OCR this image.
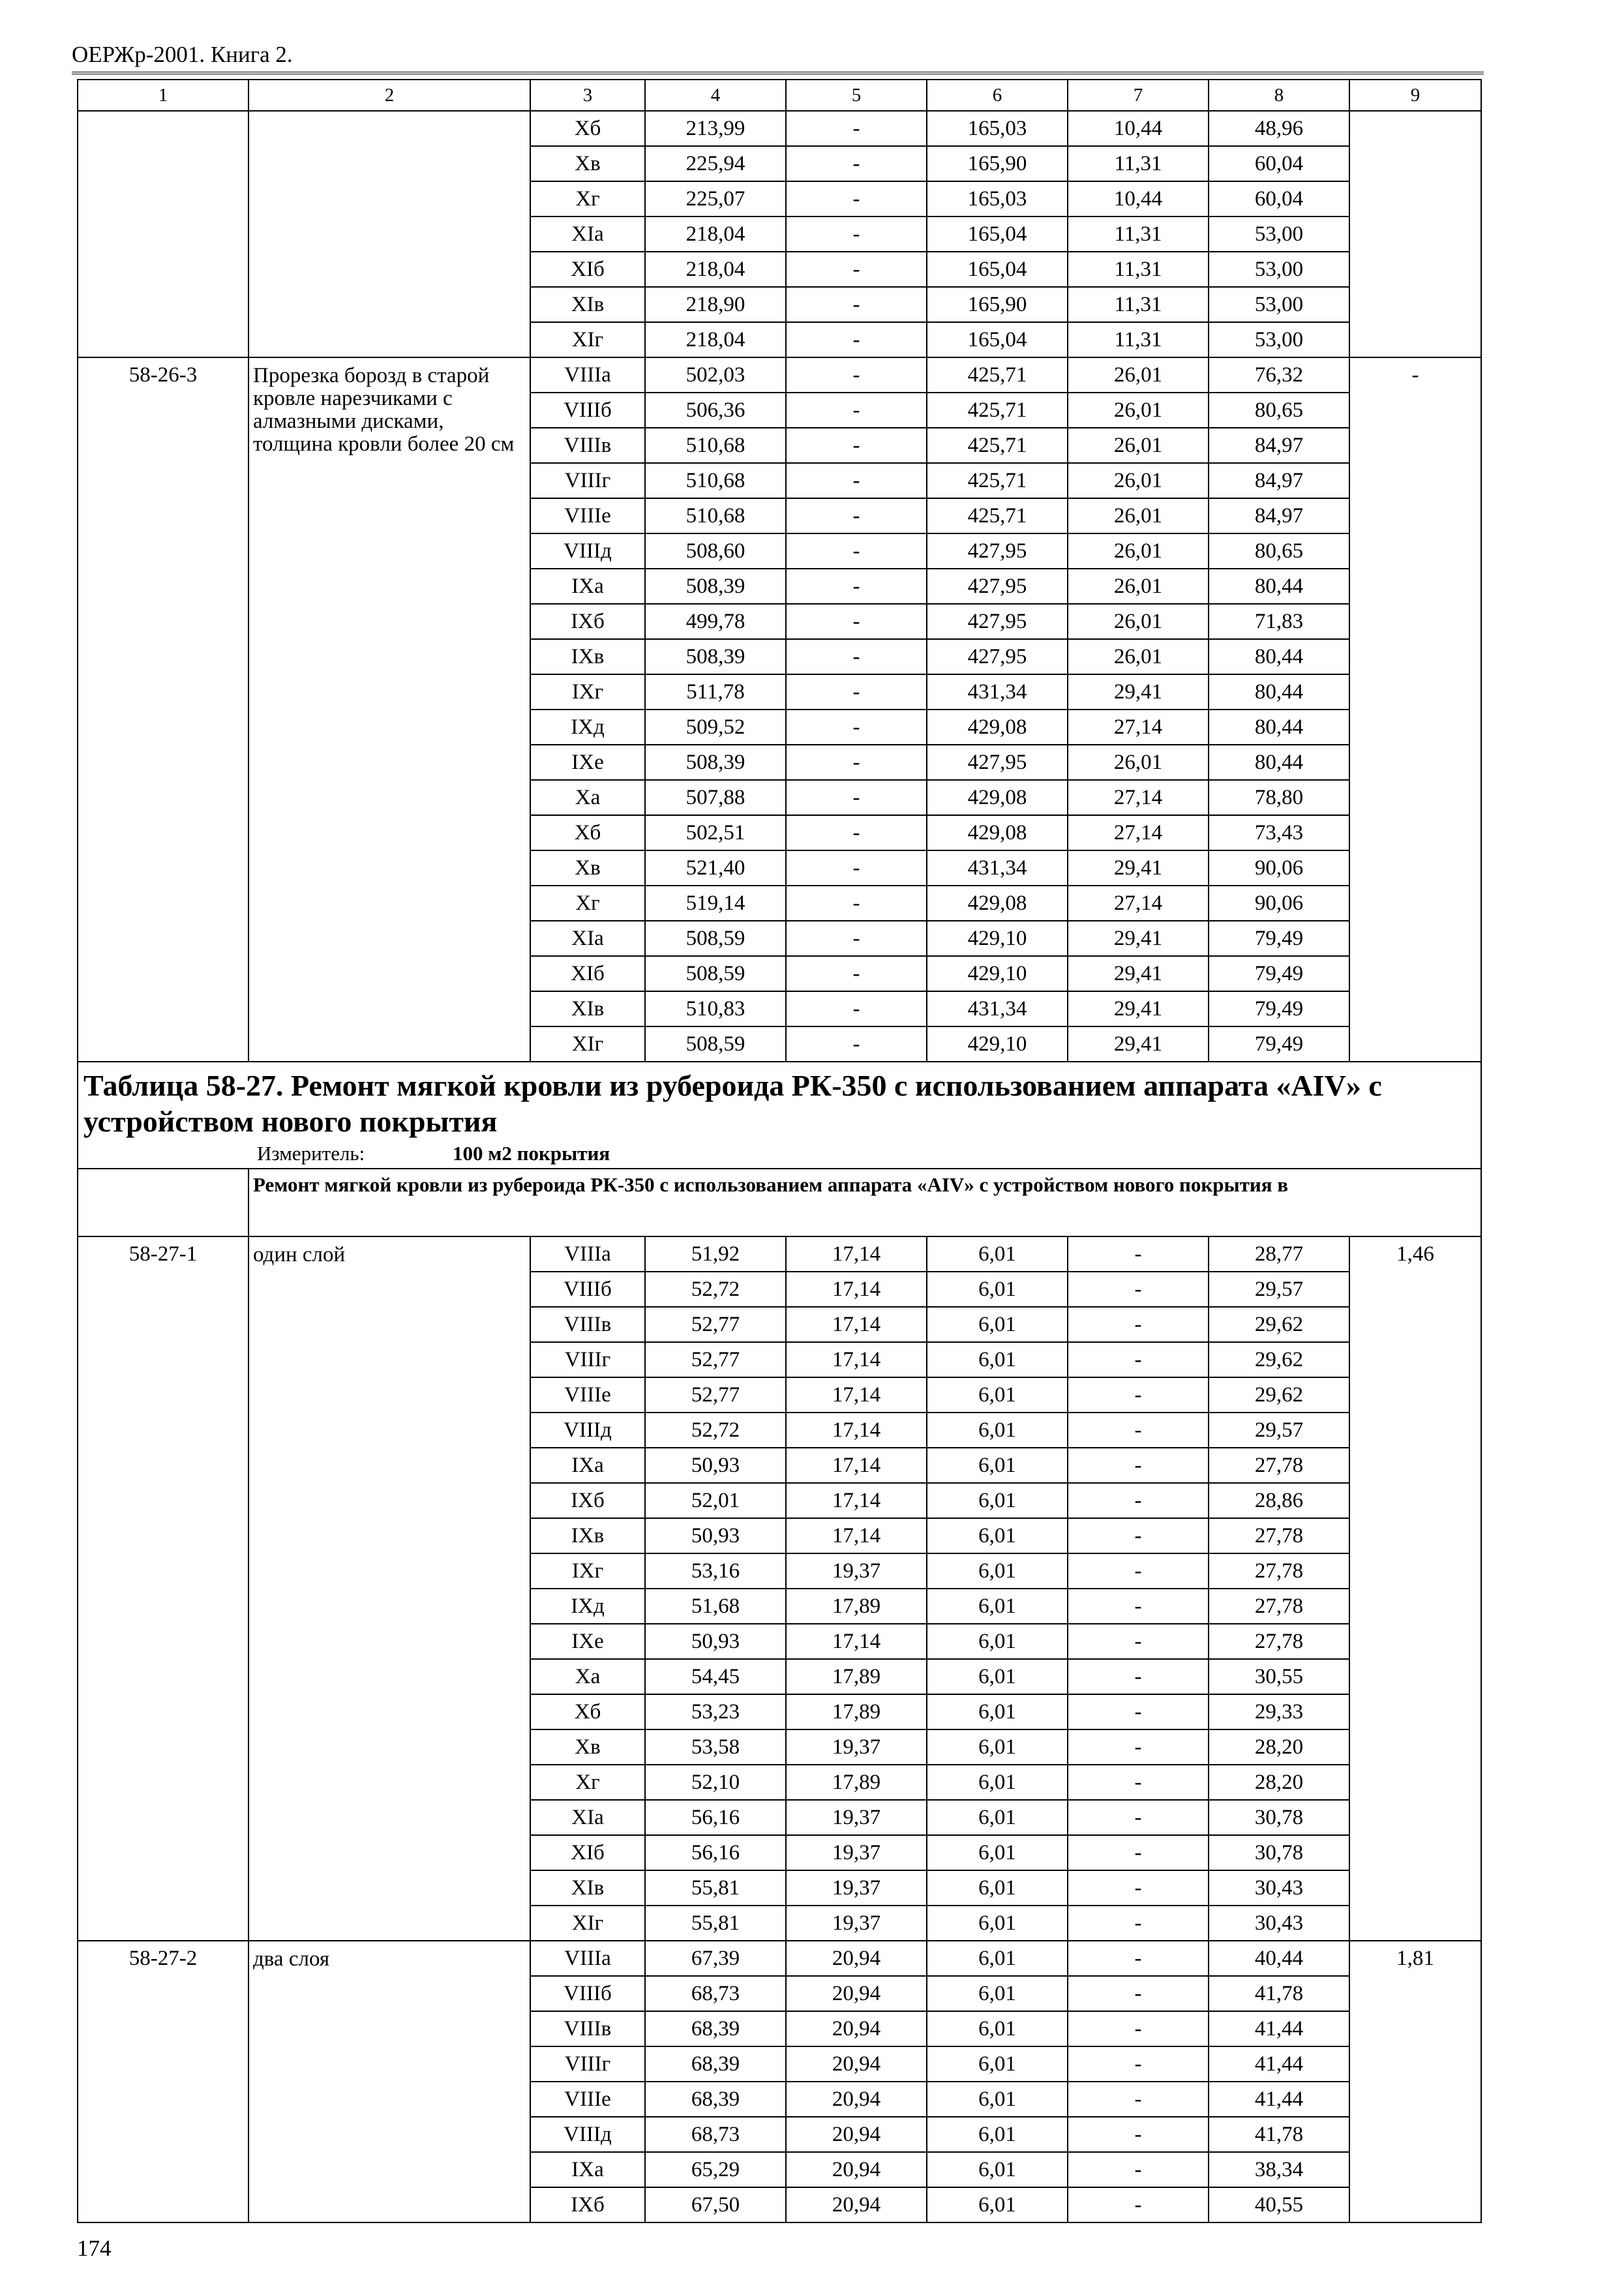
ОЕРЖр-2001. Книга 2.
1	2	3	4	5	6	7	8	9
		Xб	213,99	-	165,03	10,44	48,96	
		Xв	225,94	-	165,90	11,31	60,04	
		Xг	225,07	-	165,03	10,44	60,04	
		XIа	218,04	-	165,04	11,31	53,00	
		XIб	218,04	-	165,04	11,31	53,00	
		XIв	218,90	-	165,90	11,31	53,00	
		XIг	218,04	-	165,04	11,31	53,00	
58-26-3	Прорезка борозд в старой кровле нарезчиками с алмазными дисками, толщина кровли более 20 см	VIIIа	502,03	-	425,71	26,01	76,32	-
		VIIIб	506,36	-	425,71	26,01	80,65	
		VIIIв	510,68	-	425,71	26,01	84,97	
		VIIIг	510,68	-	425,71	26,01	84,97	
		VIIIе	510,68	-	425,71	26,01	84,97	
		VIIIд	508,60	-	427,95	26,01	80,65	
		IXа	508,39	-	427,95	26,01	80,44	
		IXб	499,78	-	427,95	26,01	71,83	
		IXв	508,39	-	427,95	26,01	80,44	
		IXг	511,78	-	431,34	29,41	80,44	
		IXд	509,52	-	429,08	27,14	80,44	
		IXе	508,39	-	427,95	26,01	80,44	
		Xа	507,88	-	429,08	27,14	78,80	
		Xб	502,51	-	429,08	27,14	73,43	
		Xв	521,40	-	431,34	29,41	90,06	
		Xг	519,14	-	429,08	27,14	90,06	
		XIа	508,59	-	429,10	29,41	79,49	
		XIб	508,59	-	429,10	29,41	79,49	
		XIв	510,83	-	431,34	29,41	79,49	
		XIг	508,59	-	429,10	29,41	79,49	

Таблица 58-27. Ремонт мягкой кровли из рубероида РК-350 с использованием аппарата «AIV» с устройством нового покрытия
Измеритель: 100 м2 покрытия								

	Ремонт мягкой кровли из рубероида РК-350 с использованием аппарата «AIV» с устройством нового покрытия в							
58-27-1	один слой	VIIIа	51,92	17,14	6,01	-	28,77	1,46
		VIIIб	52,72	17,14	6,01	-	29,57	
		VIIIв	52,77	17,14	6,01	-	29,62	
		VIIIг	52,77	17,14	6,01	-	29,62	
		VIIIе	52,77	17,14	6,01	-	29,62	
		VIIIд	52,72	17,14	6,01	-	29,57	
		IXа	50,93	17,14	6,01	-	27,78	
		IXб	52,01	17,14	6,01	-	28,86	
		IXв	50,93	17,14	6,01	-	27,78	
		IXг	53,16	19,37	6,01	-	27,78	
		IXд	51,68	17,89	6,01	-	27,78	
		IXе	50,93	17,14	6,01	-	27,78	
		Xа	54,45	17,89	6,01	-	30,55	
		Xб	53,23	17,89	6,01	-	29,33	
		Xв	53,58	19,37	6,01	-	28,20	
		Xг	52,10	17,89	6,01	-	28,20	
		XIа	56,16	19,37	6,01	-	30,78	
		XIб	56,16	19,37	6,01	-	30,78	
		XIв	55,81	19,37	6,01	-	30,43	
		XIг	55,81	19,37	6,01	-	30,43	
58-27-2	два слоя	VIIIа	67,39	20,94	6,01	-	40,44	1,81
		VIIIб	68,73	20,94	6,01	-	41,78	
		VIIIв	68,39	20,94	6,01	-	41,44	
		VIIIг	68,39	20,94	6,01	-	41,44	
		VIIIе	68,39	20,94	6,01	-	41,44	
		VIIIд	68,73	20,94	6,01	-	41,78	
		IXа	65,29	20,94	6,01	-	38,34	
		IXб	67,50	20,94	6,01	-	40,55	
174
